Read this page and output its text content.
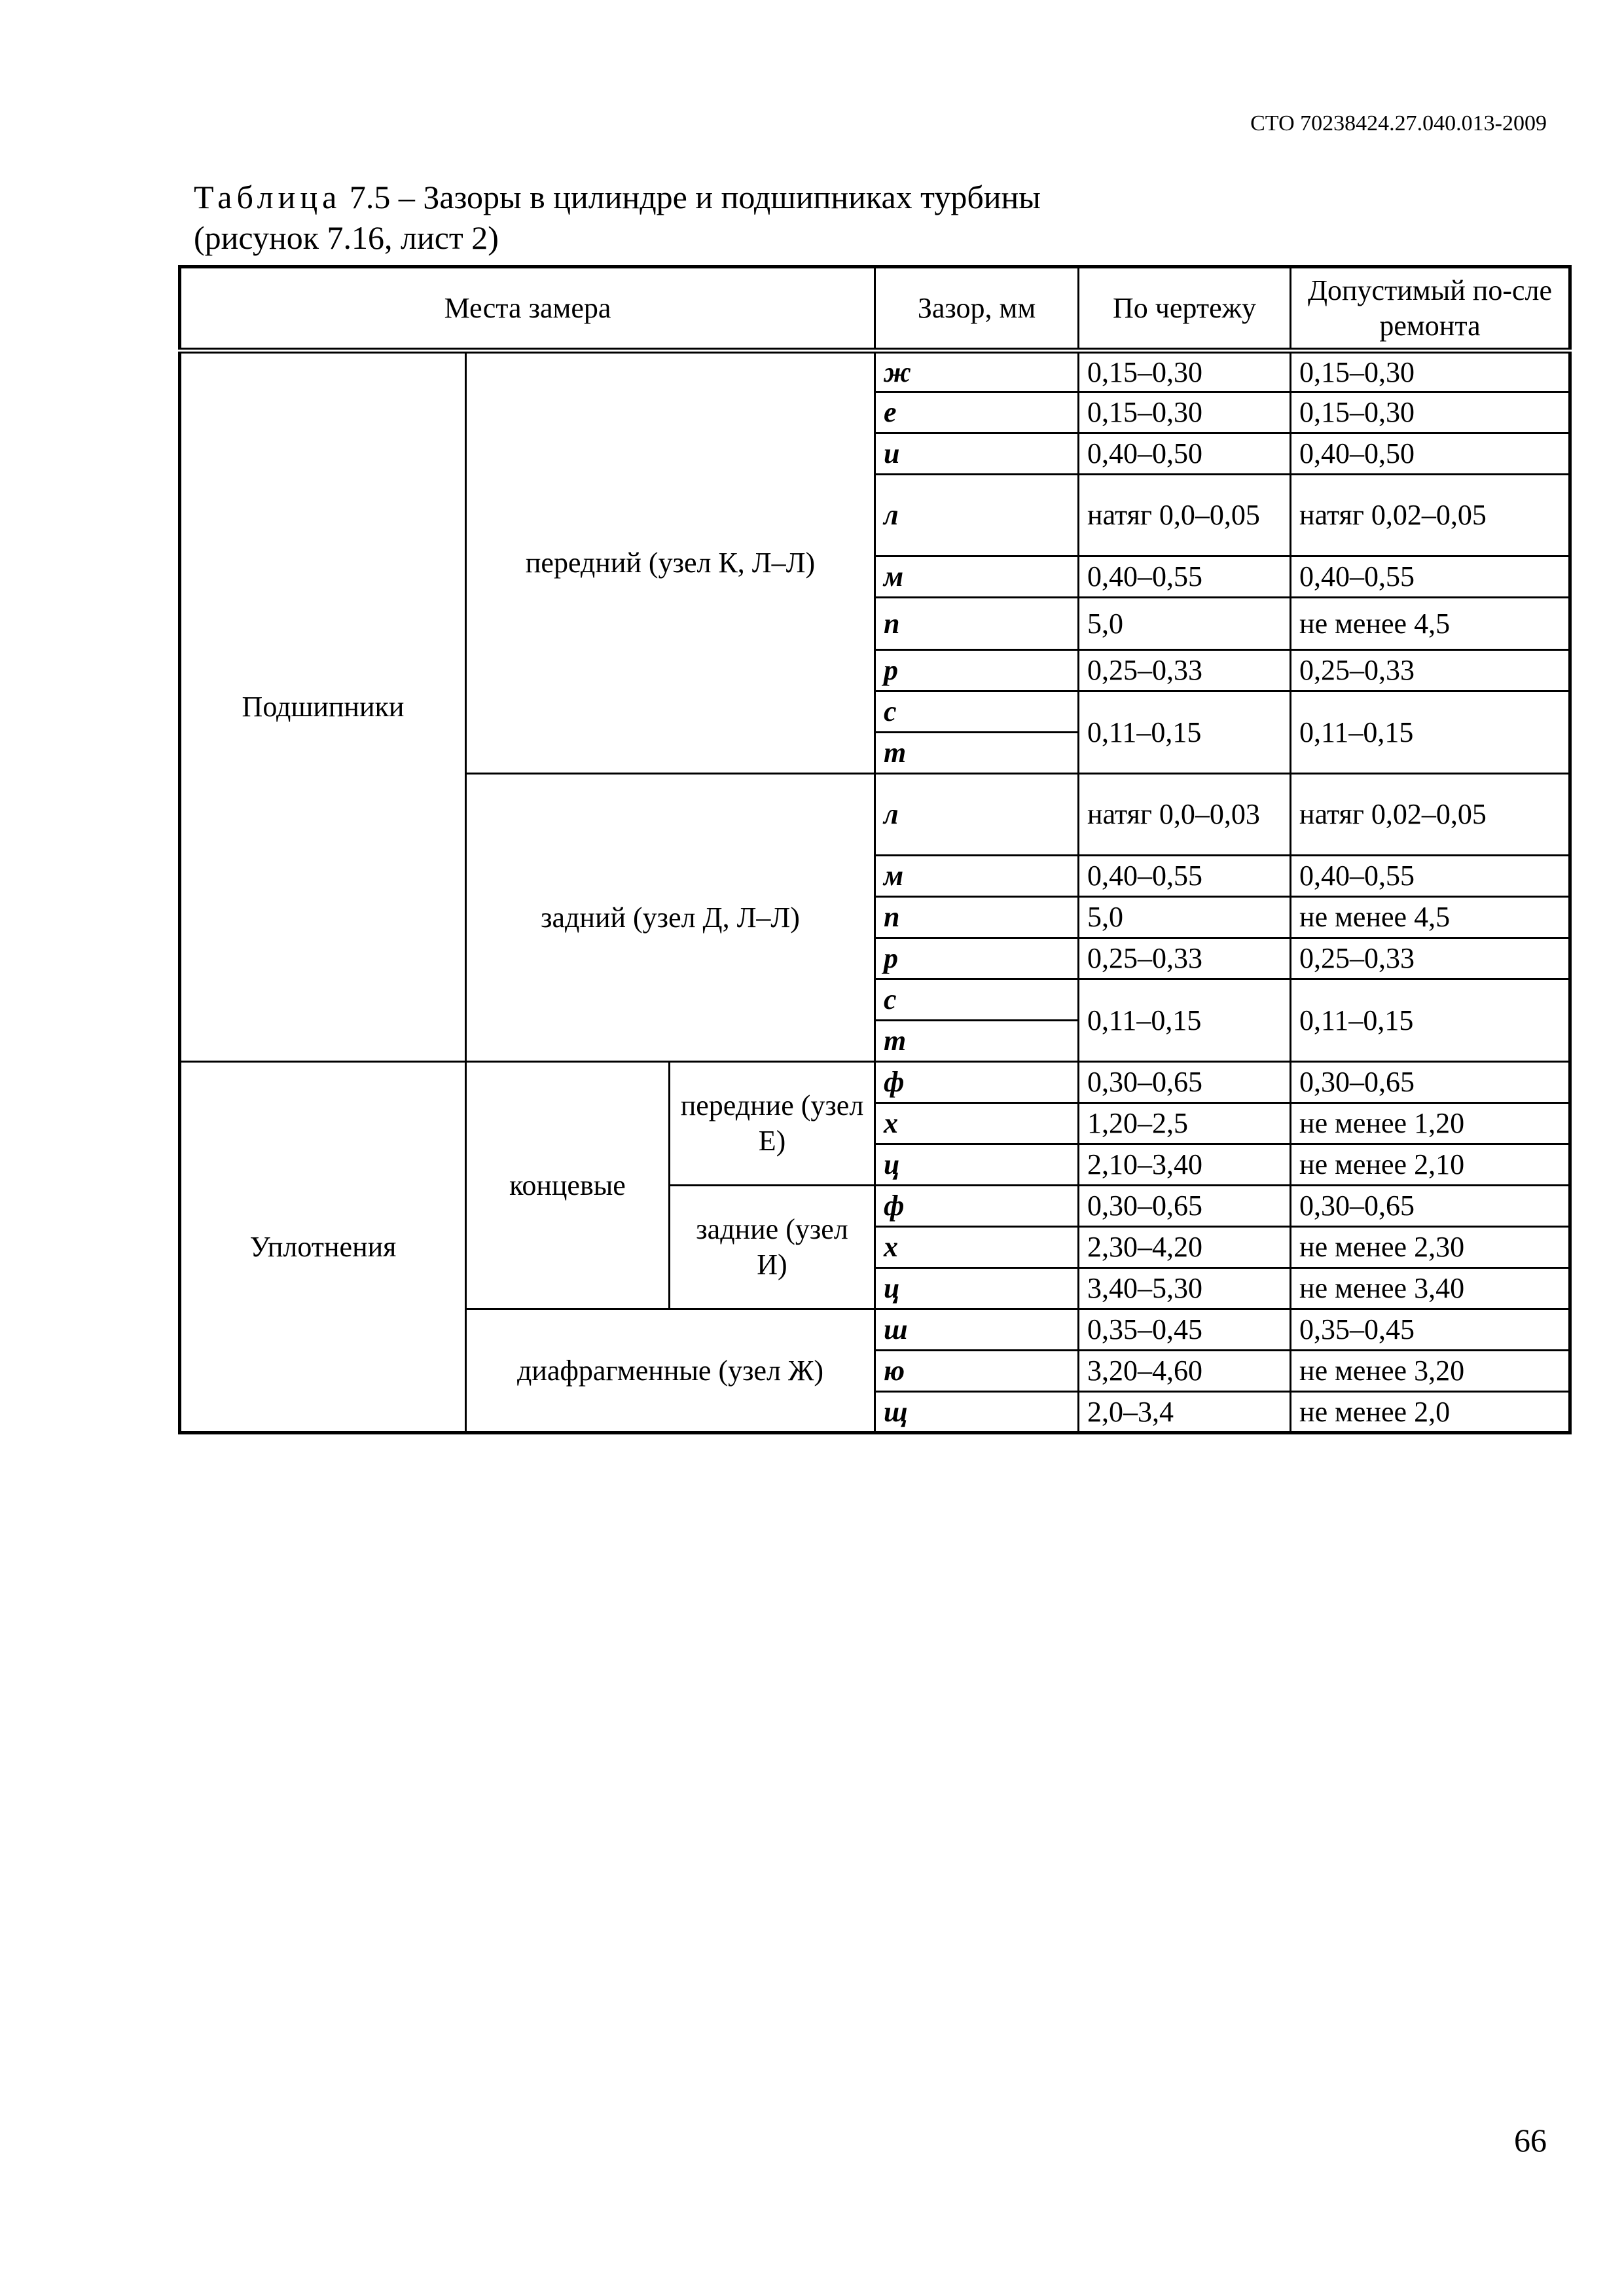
СТО 70238424.27.040.013-2009
Таблица 7.5 – Зазоры в цилиндре и подшипниках турбины
(рисунок 7.16, лист 2)
Места замера			Зазор, мм	По чертежу	Допустимый по-сле ремонта
Подшипники	передний (узел К, Л–Л)		ж	0,15–0,30	0,15–0,30
			е	0,15–0,30	0,15–0,30
			и	0,40–0,50	0,40–0,50
			л	натяг 0,0–0,05	натяг 0,02–0,05
			м	0,40–0,55	0,40–0,55
			п	5,0	не менее 4,5
			р	0,25–0,33	0,25–0,33
			с	0,11–0,15	0,11–0,15
			т		
	задний (узел Д, Л–Л)		л	натяг 0,0–0,03	натяг 0,02–0,05
			м	0,40–0,55	0,40–0,55
			п	5,0	не менее 4,5
			р	0,25–0,33	0,25–0,33
			с	0,11–0,15	0,11–0,15
			т		
Уплотнения	концевые	передние (узел Е)	ф	0,30–0,65	0,30–0,65
			х	1,20–2,5	не менее 1,20
			ц	2,10–3,40	не менее 2,10
		задние (узел И)	ф	0,30–0,65	0,30–0,65
			х	2,30–4,20	не менее 2,30
			ц	3,40–5,30	не менее 3,40
	диафрагменные (узел Ж)		ш	0,35–0,45	0,35–0,45
			ю	3,20–4,60	не менее 3,20
			щ	2,0–3,4	не менее 2,0
66
